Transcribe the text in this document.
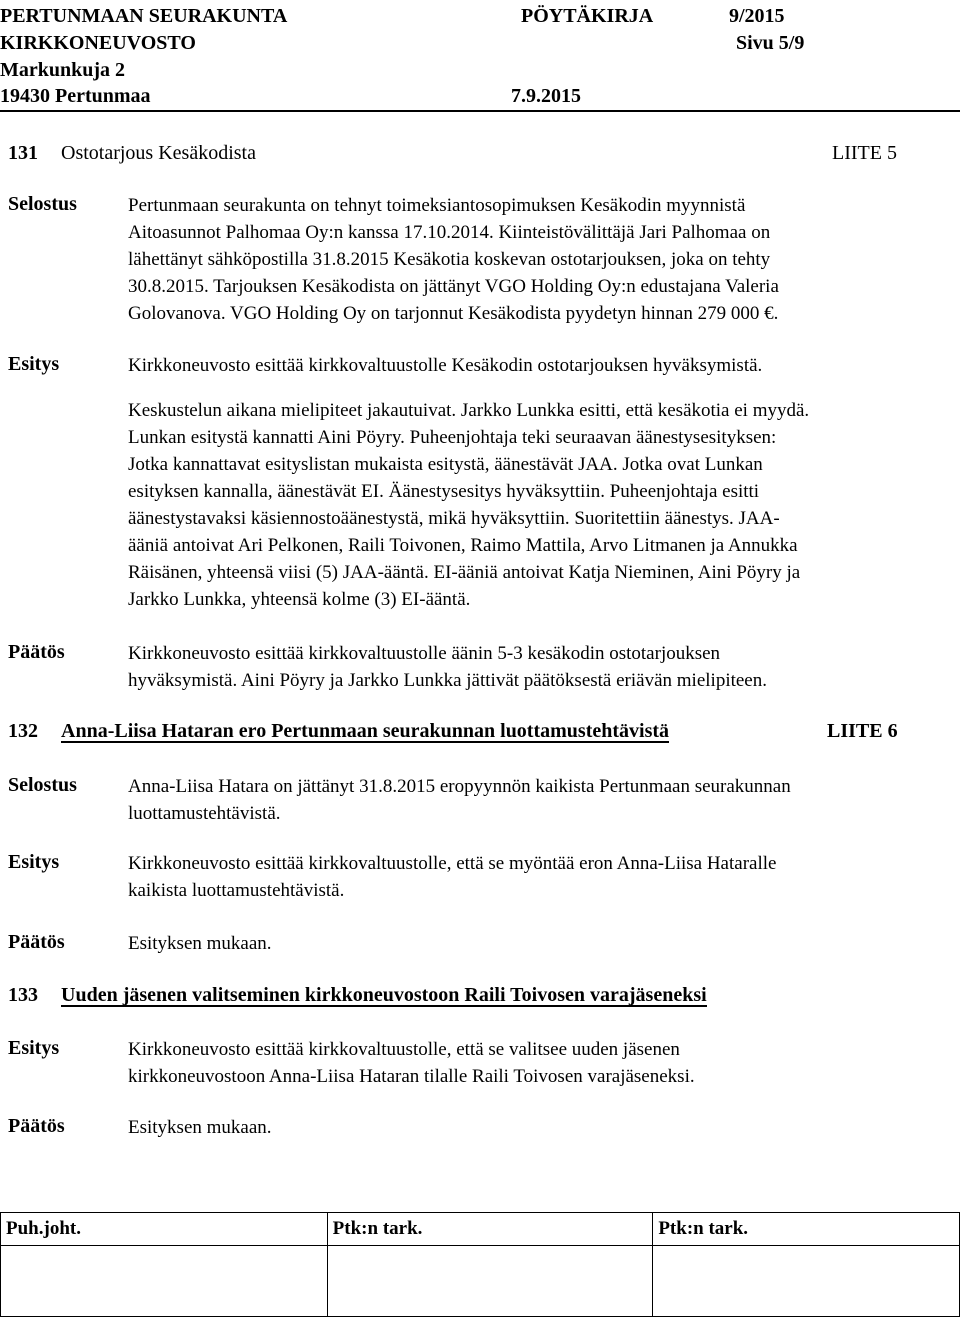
PERTUNMAAN SEURAKUNTA	PÖYTÄKIRJA	9/2015
KIRKKONEUVOSTO	Sivu 5/9
Markunkuja 2
19430 Pertunmaa	7.9.2015
131 Ostotarjous Kesäkodista	LIITE 5
Selostus	Pertunmaan seurakunta on tehnyt toimeksiantosopimuksen Kesäkodin myynnistä
Aitoasunnot Palhomaa Oy:n kanssa 17.10.2014. Kiinteistövälittäjä Jari Palhomaa on
lähettänyt sähköpostilla 31.8.2015 Kesäkotia koskevan ostotarjouksen, joka on tehty
30.8.2015. Tarjouksen Kesäkodista on jättänyt VGO Holding Oy:n edustajana Valeria
Golovanova. VGO Holding Oy on tarjonnut Kesäkodista pyydetyn hinnan 279 000 €.
Esitys	Kirkkoneuvosto esittää kirkkovaltuustolle Kesäkodin ostotarjouksen hyväksymistä.
Keskustelun aikana mielipiteet jakautuivat. Jarkko Lunkka esitti, että kesäkotia ei myydä.
Lunkan esitystä kannatti Aini Pöyry. Puheenjohtaja teki seuraavan äänestysesityksen:
Jotka kannattavat esityslistan mukaista esitystä, äänestävät JAA. Jotka ovat Lunkan
esityksen kannalla, äänestävät EI. Äänestysesitys hyväksyttiin. Puheenjohtaja esitti
äänestystavaksi käsiennostoäänestystä, mikä hyväksyttiin. Suoritettiin äänestys. JAA-
ääniä antoivat Ari Pelkonen, Raili Toivonen, Raimo Mattila, Arvo Litmanen ja Annukka
Räisänen, yhteensä viisi (5) JAA-ääntä. EI-ääniä antoivat Katja Nieminen, Aini Pöyry ja
Jarkko Lunkka, yhteensä kolme (3) EI-ääntä.
Päätös	Kirkkoneuvosto esittää kirkkovaltuustolle äänin 5-3 kesäkodin ostotarjouksen
hyväksymistä. Aini Pöyry ja Jarkko Lunkka jättivät päätöksestä eriävän mielipiteen.
132 Anna-Liisa Hataran ero Pertunmaan seurakunnan luottamustehtävistä	LIITE 6
Selostus	Anna-Liisa Hatara on jättänyt 31.8.2015 eropyynnön kaikista Pertunmaan seurakunnan
luottamustehtävistä.
Esitys	Kirkkoneuvosto esittää kirkkovaltuustolle, että se myöntää eron Anna-Liisa Hataralle
kaikista luottamustehtävistä.
Päätös	Esityksen mukaan.
133 Uuden jäsenen valitseminen kirkkoneuvostoon Raili Toivosen varajäseneksi
Esitys	Kirkkoneuvosto esittää kirkkovaltuustolle, että se valitsee uuden jäsenen
kirkkoneuvostoon Anna-Liisa Hataran tilalle Raili Toivosen varajäseneksi.
Päätös	Esityksen mukaan.
Puh.joht.	Ptk:n tark.	Ptk:n tark.
